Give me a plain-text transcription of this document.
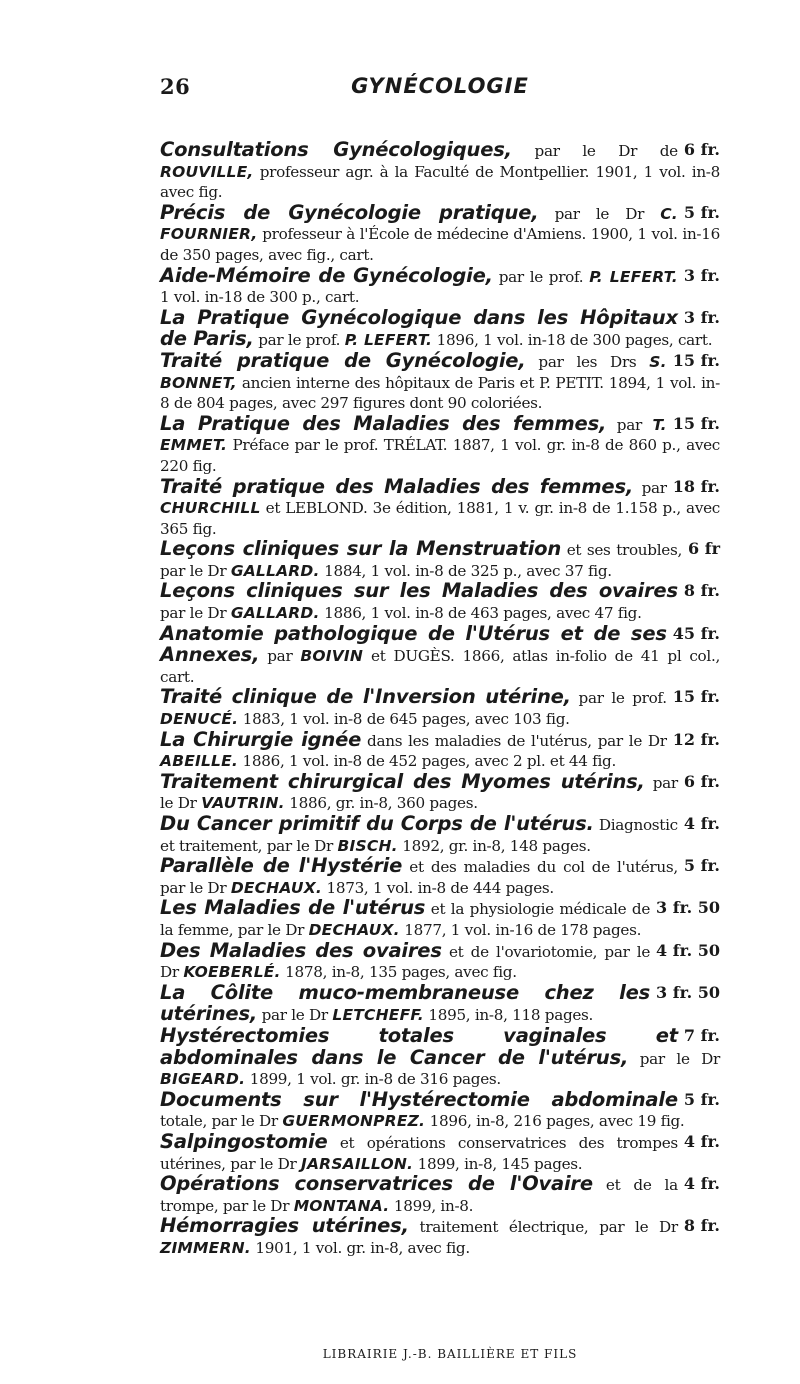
26	GYNÉCOLOGIE

6 fr.
Consultations Gynécologiques, par le Dr de ROUVILLE, professeur agr. à la Faculté de Montpellier. 1901, 1 vol. in-8 avec fig.

5 fr.
Précis de Gynécologie pratique, par le Dr C. FOURNIER, professeur à l'École de médecine d'Amiens. 1900, 1 vol. in-16 de 350 pages, avec fig., cart.

3 fr.
Aide-Mémoire de Gynécologie, par le prof. P. LEFERT. 1 vol. in-18 de 300 p., cart.

3 fr.
La Pratique Gynécologique dans les Hôpitaux de Paris, par le prof. P. LEFERT. 1896, 1 vol. in-18 de 300 pages, cart.

15 fr.
Traité pratique de Gynécologie, par les Drs S. BONNET, ancien interne des hôpitaux de Paris et P. PETIT. 1894, 1 vol. in-8 de 804 pages, avec 297 figures dont 90 coloriées.

15 fr.
La Pratique des Maladies des femmes, par T. EMMET. Préface par le prof. TRÉLAT. 1887, 1 vol. gr. in-8 de 860 p., avec 220 fig.

18 fr.
Traité pratique des Maladies des femmes, par CHURCHILL et LEBLOND. 3e édition, 1881, 1 v. gr. in-8 de 1.158 p., avec 365 fig.

6 fr
Leçons cliniques sur la Menstruation et ses troubles, par le Dr GALLARD. 1884, 1 vol. in-8 de 325 p., avec 37 fig.

8 fr.
Leçons cliniques sur les Maladies des ovaires par le Dr GALLARD. 1886, 1 vol. in-8 de 463 pages, avec 47 fig.

45 fr.
Anatomie pathologique de l'Utérus et de ses Annexes, par BOIVIN et DUGÈS. 1866, atlas in-folio de 41 pl col., cart.

15 fr.
Traité clinique de l'Inversion utérine, par le prof. DENUCÉ. 1883, 1 vol. in-8 de 645 pages, avec 103 fig.

12 fr.
La Chirurgie ignée dans les maladies de l'utérus, par le Dr ABEILLE. 1886, 1 vol. in-8 de 452 pages, avec 2 pl. et 44 fig.

6 fr.
Traitement chirurgical des Myomes utérins, par le Dr VAUTRIN. 1886, gr. in-8, 360 pages.

4 fr.
Du Cancer primitif du Corps de l'utérus. Diagnostic et traitement, par le Dr BISCH. 1892, gr. in-8, 148 pages.

5 fr.
Parallèle de l'Hystérie et des maladies du col de l'utérus, par le Dr DECHAUX. 1873, 1 vol. in-8 de 444 pages.

3 fr. 50
Les Maladies de l'utérus et la physiologie médicale de la femme, par le Dr DECHAUX. 1877, 1 vol. in-16 de 178 pages.

4 fr. 50
Des Maladies des ovaires et de l'ovariotomie, par le Dr KOEBERLÉ. 1878, in-8, 135 pages, avec fig.

3 fr. 50
La Côlite muco-membraneuse chez les utérines, par le Dr LETCHEFF. 1895, in-8, 118 pages.

7 fr.
Hystérectomies totales vaginales et abdominales dans le Cancer de l'utérus, par le Dr BIGEARD. 1899, 1 vol. gr. in-8 de 316 pages.

5 fr.
Documents sur l'Hystérectomie abdominale totale, par le Dr GUERMONPREZ. 1896, in-8, 216 pages, avec 19 fig.

4 fr.
Salpingostomie et opérations conservatrices des trompes utérines, par le Dr JARSAILLON. 1899, in-8, 145 pages.

4 fr.
Opérations conservatrices de l'Ovaire et de la trompe, par le Dr MONTANA. 1899, in-8.

8 fr.
Hémorragies utérines, traitement électrique, par le Dr ZIMMERN. 1901, 1 vol. gr. in-8, avec fig.

LIBRAIRIE J.-B. BAILLIÈRE ET FILS
